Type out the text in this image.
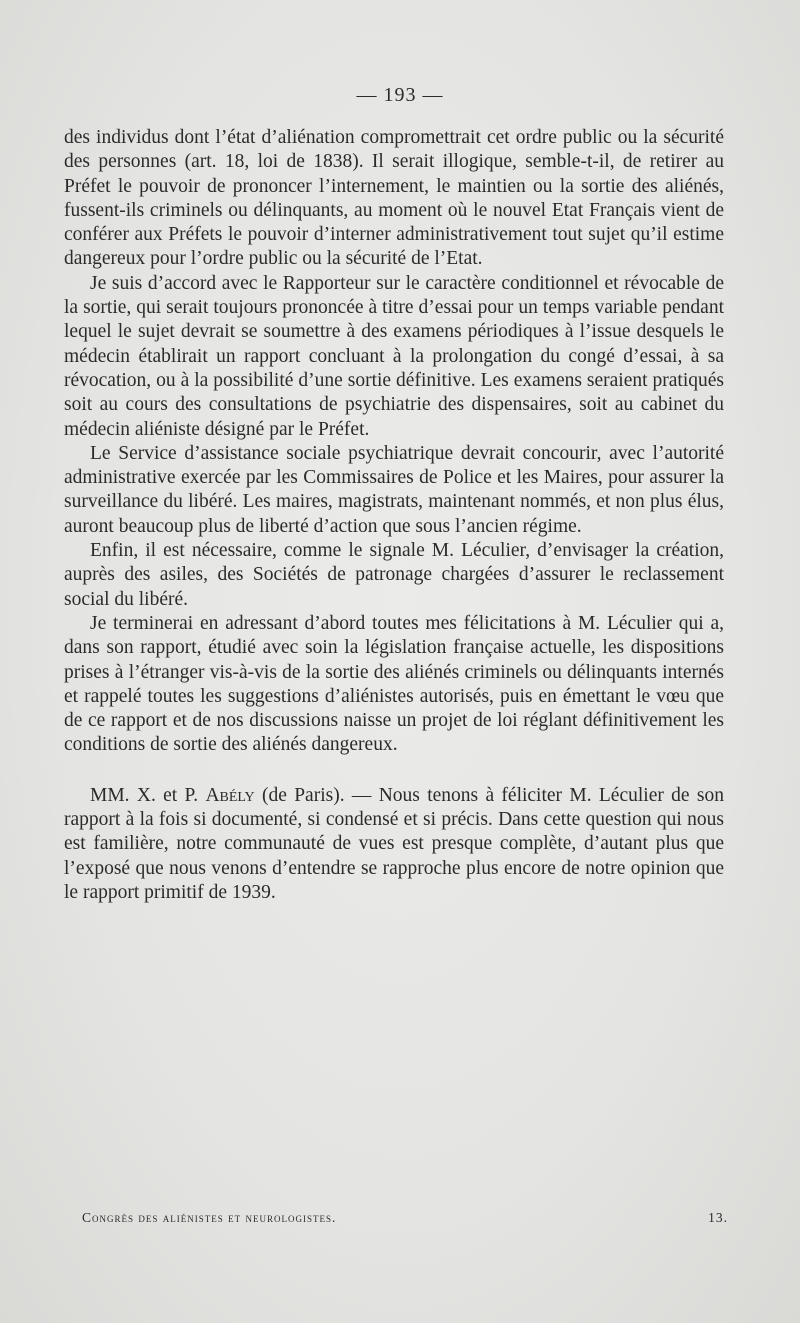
— 193 —

des individus dont l’état d’aliénation compromettrait cet ordre public ou la sécurité des personnes (art. 18, loi de 1838). Il serait illogique, semble-t-il, de retirer au Préfet le pouvoir de prononcer l’internement, le maintien ou la sortie des aliénés, fussent-ils criminels ou délinquants, au moment où le nouvel Etat Français vient de conférer aux Préfets le pouvoir d’interner administrativement tout sujet qu’il estime dangereux pour l’ordre public ou la sécurité de l’Etat.

Je suis d’accord avec le Rapporteur sur le caractère conditionnel et révocable de la sortie, qui serait toujours prononcée à titre d’essai pour un temps variable pendant lequel le sujet devrait se soumettre à des examens périodiques à l’issue desquels le médecin établirait un rapport concluant à la prolongation du congé d’essai, à sa révocation, ou à la possibilité d’une sortie définitive. Les examens seraient pratiqués soit au cours des consultations de psychiatrie des dispensaires, soit au cabinet du médecin aliéniste désigné par le Préfet.

Le Service d’assistance sociale psychiatrique devrait concourir, avec l’autorité administrative exercée par les Commissaires de Police et les Maires, pour assurer la surveillance du libéré. Les maires, magistrats, maintenant nommés, et non plus élus, auront beaucoup plus de liberté d’action que sous l’ancien régime.

Enfin, il est nécessaire, comme le signale M. Léculier, d’envisager la création, auprès des asiles, des Sociétés de patronage chargées d’assurer le reclassement social du libéré.

Je terminerai en adressant d’abord toutes mes félicitations à M. Léculier qui a, dans son rapport, étudié avec soin la législation française actuelle, les dispositions prises à l’étranger vis-à-vis de la sortie des aliénés criminels ou délinquants internés et rappelé toutes les suggestions d’aliénistes autorisés, puis en émettant le vœu que de ce rapport et de nos discussions naisse un projet de loi réglant définitivement les conditions de sortie des aliénés dangereux.

MM. X. et P. Abély (de Paris). — Nous tenons à féliciter M. Léculier de son rapport à la fois si documenté, si condensé et si précis. Dans cette question qui nous est familière, notre communauté de vues est presque complète, d’autant plus que l’exposé que nous venons d’entendre se rapproche plus encore de notre opinion que le rapport primitif de 1939.

Congrès des aliénistes et neurologistes.	13.
